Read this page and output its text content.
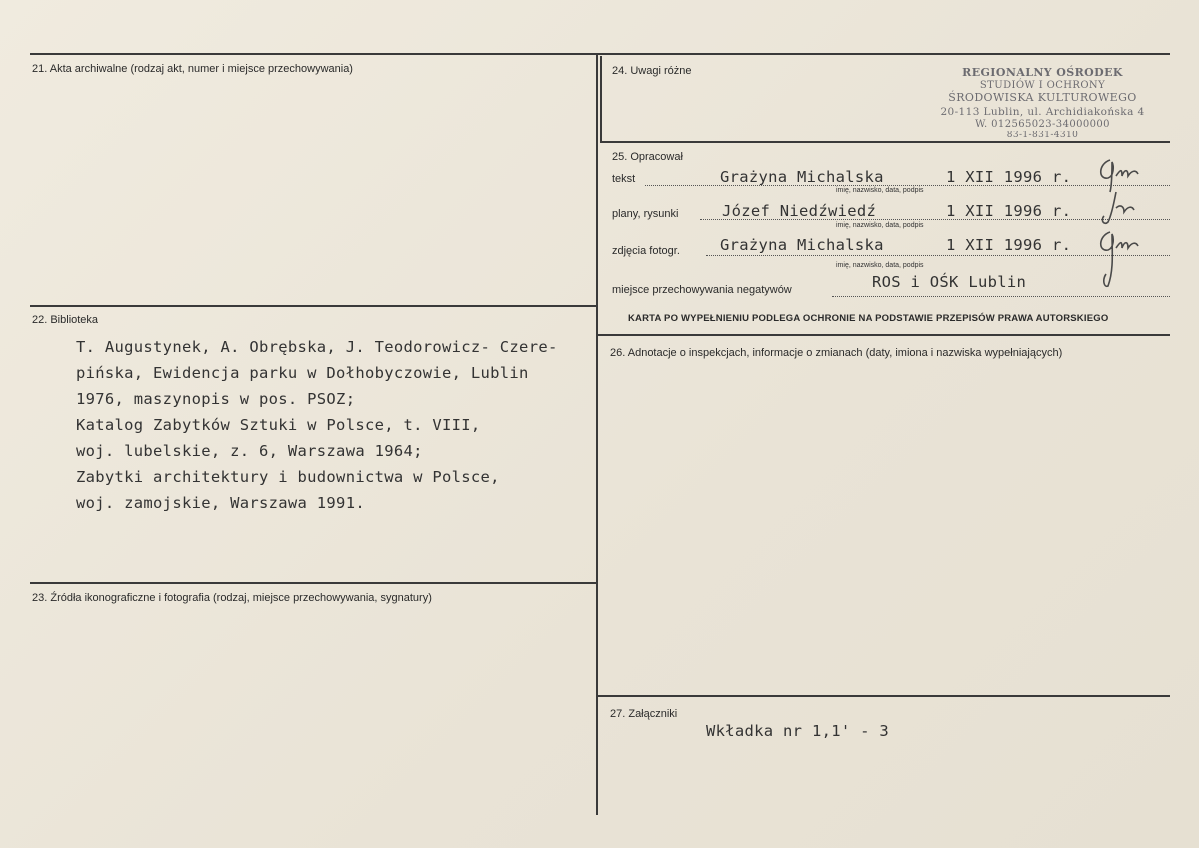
21. Akta archiwalne (rodzaj akt, numer i miejsce przechowywania)
22. Biblioteka
T. Augustynek, A. Obrębska, J. Teodorowicz- Czere-
pińska, Ewidencja parku w Dołhobyczowie, Lublin
1976, maszynopis w pos. PSOZ;
Katalog Zabytków Sztuki w Polsce, t. VIII,
woj. lubelskie, z. 6, Warszawa 1964;
Zabytki architektury i budownictwa w Polsce,
woj. zamojskie, Warszawa 1991.
23. Źródła ikonograficzne i fotografia (rodzaj, miejsce przechowywania, sygnatury)
24. Uwagi różne	REGIONALNY OŚRODEK
STUDIÓW I OCHRONY
ŚRODOWISKA KULTUROWEGO
20-113 Lublin, ul. Archidiakońska 4
W. 012565023-34000000
83-1-831-4310
25. Opracował
tekst	Grażyna Michalska	1 XII 1996 r.
imię, nazwisko, data, podpis
plany, rysunki	Józef Niedźwiedź	1 XII 1996 r.
imię, nazwisko, data, podpis
zdjęcia fotogr.	Grażyna Michalska	1 XII 1996 r.
imię, nazwisko, data, podpis
miejsce przechowywania negatywów	ROS i OŚK Lublin
KARTA PO WYPEŁNIENIU PODLEGA OCHRONIE NA PODSTAWIE PRZEPISÓW PRAWA AUTORSKIEGO
26. Adnotacje o inspekcjach, informacje o zmianach (daty, imiona i nazwiska wypełniających)
27. Załączniki
Wkładka nr 1,1' - 3
